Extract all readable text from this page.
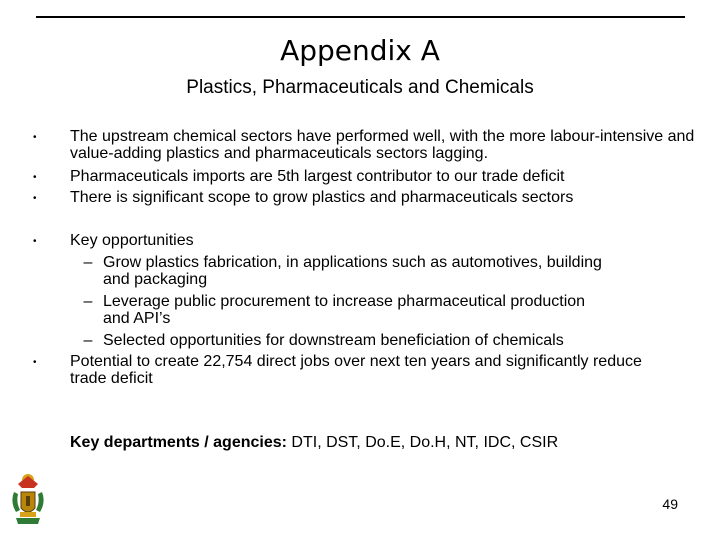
Appendix A
Plastics, Pharmaceuticals and Chemicals
• The upstream chemical sectors have performed well, with the more labour-intensive and value-adding plastics and pharmaceuticals sectors lagging.
• Pharmaceuticals imports are 5th largest contributor to our trade deficit
• There is significant scope to grow plastics and pharmaceuticals sectors
• Key opportunities
– Grow plastics fabrication, in applications such as automotives, building
and packaging
– Leverage public procurement to increase pharmaceutical production
and API’s
– Selected opportunities for downstream beneficiation of chemicals
• Potential to create 22,754 direct jobs over next ten years and significantly reduce trade deficit
Key departments / agencies: DTI, DST, Do.E, Do.H, NT, IDC, CSIR
49
